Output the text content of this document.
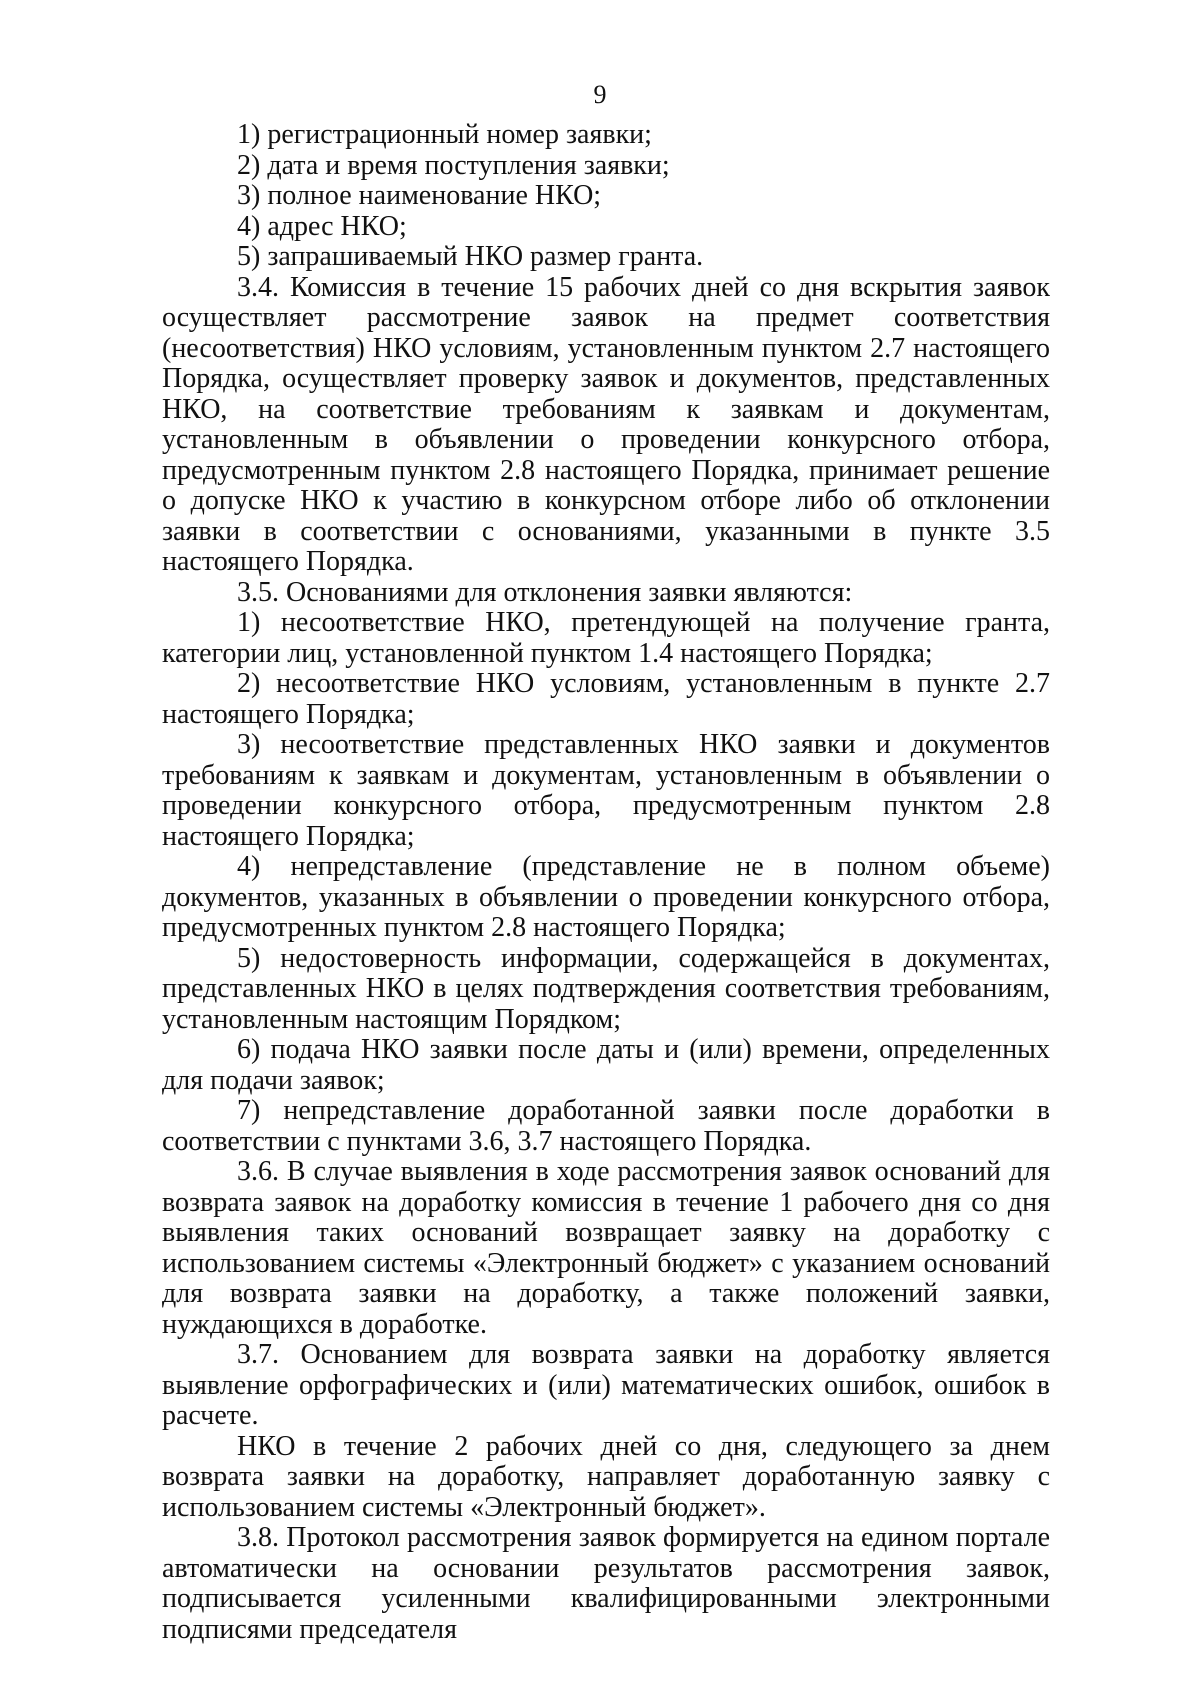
9

1) регистрационный номер заявки;

2) дата и время поступления заявки;

3) полное наименование НКО;

4) адрес НКО;

5) запрашиваемый НКО размер гранта.

3.4. Комиссия в течение 15 рабочих дней со дня вскрытия заявок осуществляет рассмотрение заявок на предмет соответствия (несоответствия) НКО условиям, установленным пунктом 2.7 настоящего Порядка, осуществляет проверку заявок и документов, представленных НКО, на соответствие требованиям к заявкам и документам, установленным в объявлении о проведении конкурсного отбора, предусмотренным пунктом 2.8 настоящего Порядка, принимает решение о допуске НКО к участию в конкурсном отборе либо об отклонении заявки в соответствии с основаниями, указанными в пункте 3.5 настоящего Порядка.

3.5. Основаниями для отклонения заявки являются:

1) несоответствие НКО, претендующей на получение гранта, категории лиц, установленной пунктом 1.4 настоящего Порядка;

2) несоответствие НКО условиям, установленным в пункте 2.7 настоящего Порядка;

3) несоответствие представленных НКО заявки и документов требованиям к заявкам и документам, установленным в объявлении о проведении конкурсного отбора, предусмотренным пунктом 2.8 настоящего Порядка;

4) непредставление (представление не в полном объеме) документов, указанных в объявлении о проведении конкурсного отбора, предусмотренных пунктом 2.8 настоящего Порядка;

5) недостоверность информации, содержащейся в документах, представленных НКО в целях подтверждения соответствия требованиям, установленным настоящим Порядком;

6) подача НКО заявки после даты и (или) времени, определенных для подачи заявок;

7) непредставление доработанной заявки после доработки в соответствии с пунктами 3.6, 3.7 настоящего Порядка.

3.6. В случае выявления в ходе рассмотрения заявок оснований для возврата заявок на доработку комиссия в течение 1 рабочего дня со дня выявления таких оснований возвращает заявку на доработку с использованием системы «Электронный бюджет» с указанием оснований для возврата заявки на доработку, а также положений заявки, нуждающихся в доработке.

3.7. Основанием для возврата заявки на доработку является выявление орфографических и (или) математических ошибок, ошибок в расчете.

НКО в течение 2 рабочих дней со дня, следующего за днем возврата заявки на доработку, направляет доработанную заявку с использованием системы «Электронный бюджет».

3.8. Протокол рассмотрения заявок формируется на едином портале автоматически на основании результатов рассмотрения заявок, подписывается усиленными квалифицированными электронными подписями председателя
